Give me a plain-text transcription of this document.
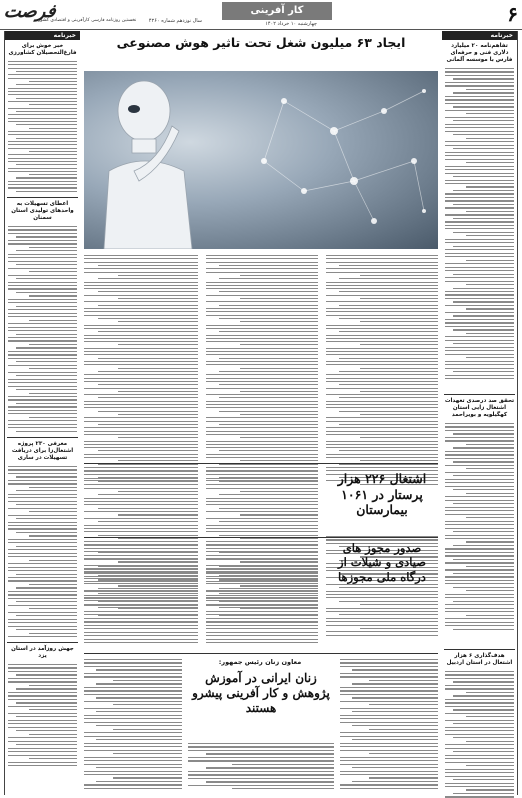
۶
کار آفرینی
سال نوزدهم شماره ۴۲۶۰	چهارشنبه ۱۰ خرداد ۱۴۰۲
فرصت
نخستین روزنامه فارسی کارآفرینی و اقتصادی کشور
خبرنامه
تفاهم‌نامه ۲۰ میلیارد دلاری فنی و حرفه‌ای فارس با موسسه آلمانی
تحقق صد درصدی تعهدات اشتغال زایی استان کهگیلویه و بویراحمد
هدف‌گذاری ۶ هزار اشتغال در استان اردبیل
خبرنامه
خبر خوش برای فارغ‌التحصیلان کشاورزی
اعطای تسهیلات به واحدهای تولیدی استان سمنان
معرفی ۲۳۰ پروژه اشتغال‌زا برای دریافت تسهیلات در ساری
جهش روزآمد در استان یزد
ایجاد ۶۳ میلیون شغل تحت تاثیر هوش مصنوعی
اشتغال ۲۲۶ هزار پرستار در ۱۰۶۱ بیمارستان
صدور مجوز های صیادی و شیلات از درگاه ملی مجوزها
معاون زنان رئیس جمهور:
زنان ایرانی در آموزش پژوهش و کار آفرینی پیشرو هستند
